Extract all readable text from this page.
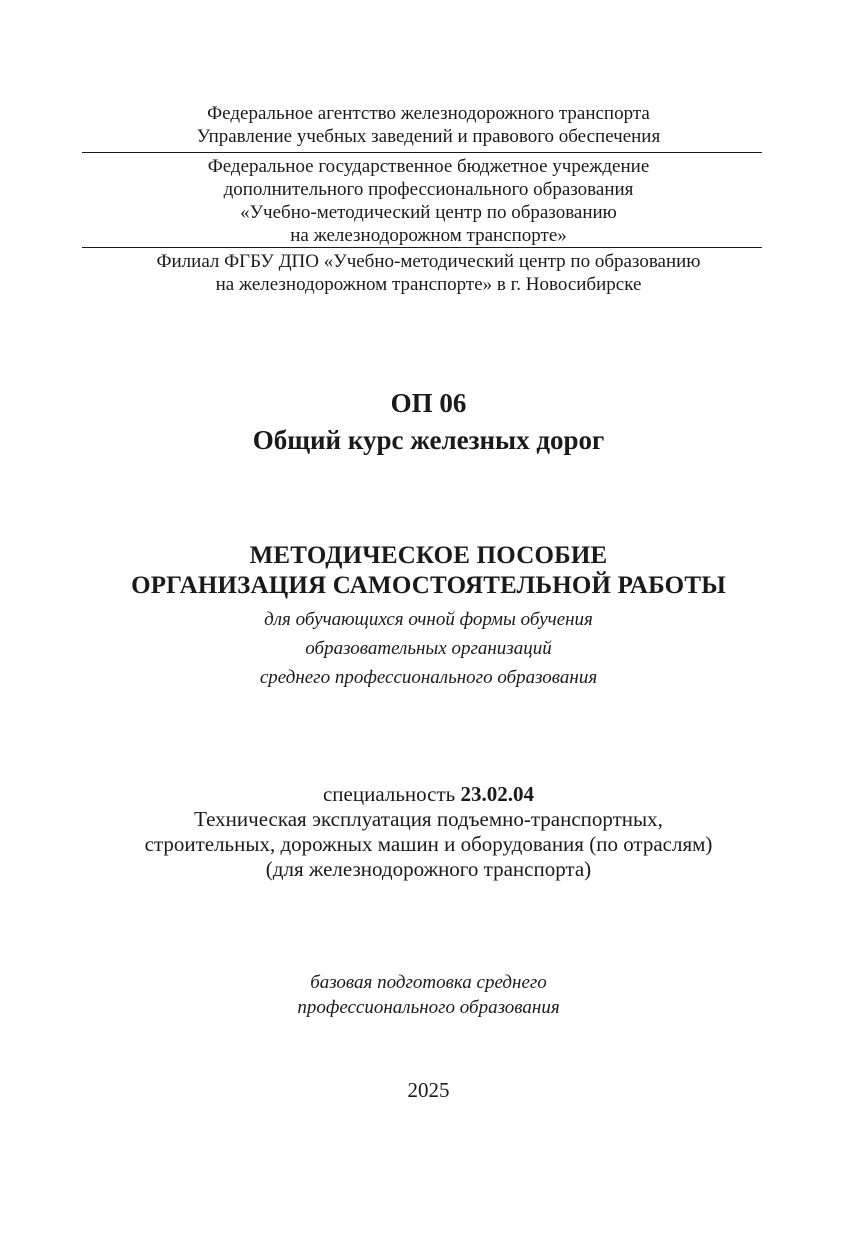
Федеральное агентство железнодорожного транспорта
Управление учебных заведений и правового обеспечения
Федеральное государственное бюджетное учреждение
дополнительного профессионального образования
«Учебно-методический центр по образованию
на железнодорожном транспорте»
Филиал ФГБУ ДПО «Учебно-методический центр по образованию
на железнодорожном транспорте» в г. Новосибирске
ОП 06
Общий курс железных дорог
МЕТОДИЧЕСКОЕ ПОСОБИЕ
ОРГАНИЗАЦИЯ САМОСТОЯТЕЛЬНОЙ РАБОТЫ
для обучающихся очной формы обучения
образовательных организаций
среднего профессионального образования
специальность 23.02.04
Техническая эксплуатация подъемно-транспортных,
строительных, дорожных машин и оборудования (по отраслям)
(для железнодорожного транспорта)
базовая подготовка среднего
профессионального образования
2025
